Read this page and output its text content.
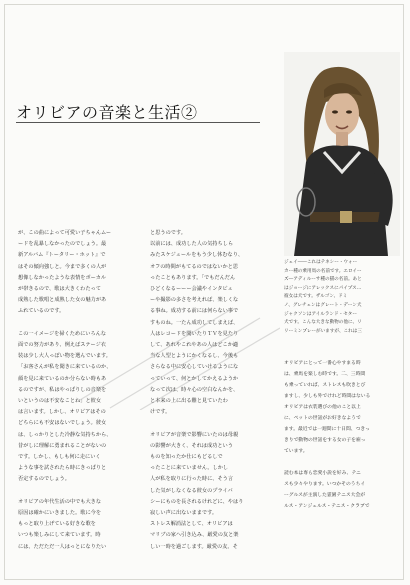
オリビアの音楽と生活②
ジェイ――これはテネシー・ウォー
カー種の乗用馬の名前です。エロイー
ズ―アディルーサ種の猫の名前。あと
はジョージにアレックスにパイプス…
彼女は犬です。ザルゴン、ドミ
ノ、グレチェンはグレート・デーン犬
ジャクソンはアイルランド・セター
犬です。こんな大きな動物の他に、リ
リーミンプレーがいますが、これは三
が、この曲によって可愛い子ちゃんムー
ードを乱暴しなかったのでしょう。最
新アルバム『トータリー・ホット』で
はその傾向強しと。今まで多くの人が
想像しなかったような表情をボーカル
が帯きるので、歌は大きくわたって
成熟した歌唱と成熟した女の魅力があ
ふれているのです。

この一イメージを掃くためにいろんな
面での努力があり、例えばステージ衣
装は少し大人っぽい物を選んでいます。
「お客さんが私を聞きに来ているのか、
顔を見に来ているのか分らない時もあ
るのですが、私はやっぱりしの音楽を
いというのは不安なことね」と彼女
は言います。しかし、オリビアはその
どちらにも不安はないでしょう。彼女
は、しっかりとした冷静な気持ちから、
昔がしに理解に勇まれることがないの
です。しかし、もしも何に走にいく
ような事を試されたら時にきっぱりと
否定するのでしょう。

オリビアの年代生活の中でも大きな
原因は確かにいきました。歌に今を
もっと取り上げている好きな歌を
いつも楽しみにして来ています。時
には、ただただ一人はっとになりたい
と思うのです。
以前には、成功した人の気持ちしら
みたスケジュールをもう少し休むなり、
オフの時間がもてるのではないかと思
ったこともあります。「でもだんだん
ひどくなるーーー会議やインタビュ
ーや撮影の多さを考えれば、楽しくな
る事ね。成功する前には何らない事で
すものね。一たん成功してしまえば、
人はレコードを聞いたりＴＶを見たり
して、あれやこれやあの人はどこか適
当な人型とようにかくなるし、今後も
さらなる中に安心していけるようにな
っていって、何とかしてかえるようか
なって次は、時々心の空白なんかを、
と本来の上に出る難と見ていたわ
けです。

オリビアが音楽で影響にいたのは母親
の影響が大きく、それは成功という
ものを知ったか仕にもどるしで
ったことに来ていません。しかし
人が私を取りに行った時に、そう言
した気がしなくなる彼女のプライバ
シーにものを長されるけれどに、やはり
寂しい声に出ないままです。
ストレス解消法として、オリビアは
マリブの家へ引き込み、厳愛の友と楽
しい一時を過ごします。厳愛の友、そ
オリビアにとって一番心やすまる時
は、乗馬を楽しむ時です。二、三時間
も乗っていれば、ストレスも吹きとび
ますし、少しも外でけれど時間はないる
オリビアは衣装選びの他のこと以上
に、ペットの世話がお好きなようで
ます。最近では一週間に十日間、つきっ
きりで動物の世話をする女の子を雇っ
ています。

読む本は専ら恋愛小説を好み、テニ
スも少々やります。いつかそのうちイ
ーグルスが主演した霊園テニス大会が
ルス・アンジェルス・テニス・クラブで
